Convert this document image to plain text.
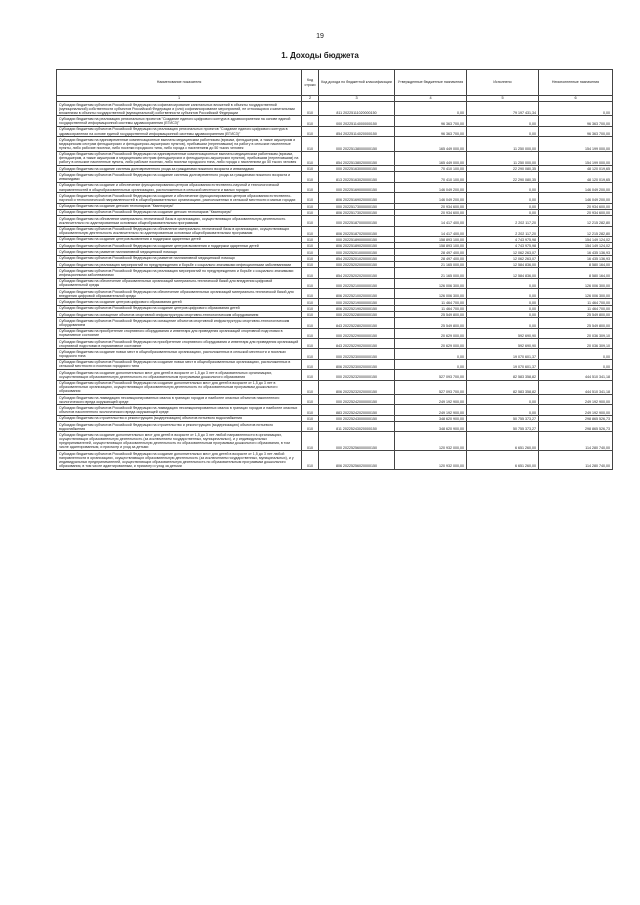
19
1. Доходы бюджета
Наименование показателя	Код строки	Код дохода по бюджетной классификации	Утвержденные бюджетные назначения	Исполнено	Неисполненные назначения
1	2	3	4	5	6
Субсидии бюджетам субъектов Российской Федерации на софинансирование капитальных вложений в объекты государственной (муниципальной) собственности субъектов Российской Федерации и (или) софинансирование мероприятий, не относящихся к капитальным вложениям в объекты государственной (муниципальной) собственности субъектов Российской Федерации	010	811 20225111020000150	0,00	79 197 431,34	0,00
Субсидии бюджетам на реализацию региональных проектов "Создание единого цифрового контура в здравоохранении на основе единой государственной информационной системы здравоохранения (ЕГИСЗ)"	010	000 20225114000000150	96 363 700,00	0,00	96 363 700,00
Субсидии бюджетам субъектов Российской Федерации на реализацию региональных проектов "Создание единого цифрового контура в здравоохранении на основе единой государственной информационной системы здравоохранения (ЕГИСЗ)"	010	854 20225114020000150	96 363 700,00	0,00	96 363 700,00
Субсидии бюджетам на единовременные компенсационные выплаты медицинским работникам (врачам, фельдшерам, а также акушеркам и медицинским сестрам фельдшерских и фельдшерско-акушерских пунктов), прибывшим (переехавшим) на работу в сельские населенные пункты, либо рабочие поселки, либо поселки городского типа, либо города с населением до 50 тысяч человек	010	000 20225138000000150	165 449 000,00	11 250 000,00	154 199 000,00
Субсидии бюджетам субъектов Российской Федерации на единовременные компенсационные выплаты медицинским работникам (врачам, фельдшерам, а также акушеркам и медицинским сестрам фельдшерских и фельдшерско-акушерских пунктов), прибывшим (переехавшим) на работу в сельские населенные пункты, либо рабочие поселки, либо поселки городского типа, либо города с населением до 50 тысяч человек	010	854 20225138020000150	165 449 000,00	11 250 000,00	154 199 000,00
Субсидии бюджетам на создание системы долговременного ухода за гражданами пожилого возраста и инвалидами	010	000 20225163000000150	70 410 100,00	22 290 080,35	48 120 019,65
Субсидии бюджетам субъектов Российской Федерации на создание системы долговременного ухода за гражданами пожилого возраста и инвалидами	010	813 20225163020000150	70 410 100,00	22 290 080,35	48 120 019,65
Субсидии бюджетам на создание и обеспечение функционирования центров образования естественно-научной и технологической направленностей в общеобразовательных организациях, расположенных в сельской местности и малых городах	010	000 20225169000000150	146 049 200,00	0,00	146 049 200,00
Субсидии бюджетам субъектов Российской Федерации на создание и обеспечение функционирования центров образования естественно-научной и технологической направленностей в общеобразовательных организациях, расположенных в сельской местности и малых городах	010	806 20225169020000150	146 049 200,00	0,00	146 049 200,00
Субсидии бюджетам на создание детских технопарков "Кванториум"	010	000 20225173000000150	20 934 600,00	0,00	20 934 600,00
Субсидии бюджетам субъектов Российской Федерации на создание детских технопарков "Кванториум"	010	806 20225173020000150	20 934 600,00	0,00	20 934 600,00
Субсидии бюджетам на обновление материально-технической базы в организациях, осуществляющих образовательную деятельность исключительно по адаптированным основным общеобразовательным программам	010	000 20225187000000150	14 417 400,00	2 202 117,20	12 215 282,80
Субсидии бюджетам субъектов Российской Федерации на обновление материально-технической базы в организациях, осуществляющих образовательную деятельность исключительно по адаптированным основным общеобразовательным программам	010	806 20225187020000150	14 417 400,00	2 202 117,20	12 215 282,80
Субсидии бюджетам на создание центров выявления и поддержки одаренных детей	010	000 20225189000000150	158 893 100,00	4 743 975,98	154 149 124,02
Субсидии бюджетам субъектов Российской Федерации на создание центров выявления и поддержки одаренных детей	010	806 20225189020000150	158 893 100,00	4 743 975,98	154 149 124,02
Субсидии бюджетам на развитие паллиативной медицинской помощи	010	000 20225201000000150	28 497 400,00	12 062 263,07	16 435 136,93
Субсидии бюджетам субъектов Российской Федерации на развитие паллиативной медицинской помощи	010	854 20225201020000150	28 497 400,00	12 062 263,07	16 435 136,93
Субсидии бюджетам на реализацию мероприятий по предупреждению и борьбе с социально значимыми инфекционными заболеваниями	010	000 20225202000000150	21 165 000,00	12 584 836,00	8 580 164,00
Субсидии бюджетам субъектов Российской Федерации на реализацию мероприятий по предупреждению и борьбе с социально значимыми инфекционными заболеваниями	010	854 20225202020000150	21 165 000,00	12 584 836,00	8 580 164,00
Субсидии бюджетам на обеспечение образовательных организаций материально-технической базой для внедрения цифровой образовательной среды	010	000 20225210000000150	126 006 300,00	0,00	126 006 300,00
Субсидии бюджетам субъектов Российской Федерации на обеспечение образовательных организаций материально-технической базой для внедрения цифровой образовательной среды	010	806 20225210020000150	126 006 300,00	0,00	126 006 300,00
Субсидии бюджетам на создание центров цифрового образования детей	010	000 20225219000000150	11 464 700,00	0,00	11 464 700,00
Субсидии бюджетам субъектов Российской Федерации на создание центров цифрового образования детей	010	806 20225219020000150	11 464 700,00	0,00	11 464 700,00
Субсидии бюджетам на оснащение объектов спортивной инфраструктуры спортивно-технологическим оборудованием	010	000 20225228000000150	25 549 800,00	0,00	25 549 800,00
Субсидии бюджетам субъектов Российской Федерации на оснащение объектов спортивной инфраструктуры спортивно-технологическим оборудованием	010	843 20225228020000150	25 549 800,00	0,00	25 549 800,00
Субсидии бюджетам на приобретение спортивного оборудования и инвентаря для приведения организаций спортивной подготовки в нормативное состояние	010	000 20225229000000150	20 629 000,00	592 690,90	20 036 309,10
Субсидии бюджетам субъектов Российской Федерации на приобретение спортивного оборудования и инвентаря для приведения организаций спортивной подготовки в нормативное состояние	010	843 20225229020000150	20 629 000,00	592 690,90	20 036 309,10
Субсидии бюджетам на создание новых мест в общеобразовательных организациях, расположенных в сельской местности и поселках городского типа	010	000 20225230000000150	0,00	19 070 601,37	0,00
Субсидии бюджетам субъектов Российской Федерации на создание новых мест в общеобразовательных организациях, расположенных в сельской местности и поселках городского типа	010	806 20225230020000150	0,00	19 070 601,37	0,00
Субсидии бюджетам на создание дополнительных мест для детей в возрасте от 1,5 до 3 лет в образовательных организациях, осуществляющих образовательную деятельность по образовательным программам дошкольного образования	010	000 20225232000000150	527 093 700,00	82 583 358,82	444 510 341,18
Субсидии бюджетам субъектов Российской Федерации на создание дополнительных мест для детей в возрасте от 1,5 до 3 лет в образовательных организациях, осуществляющих образовательную деятельность по образовательным программам дошкольного образования	010	806 20225232020000150	527 093 700,00	82 583 358,82	444 510 341,18
Субсидии бюджетам на ликвидацию несанкционированных свалок в границах городов и наиболее опасных объектов накопленного экологического вреда окружающей среде	010	000 20225242000000150	249 192 900,00	0,00	249 192 900,00
Субсидии бюджетам субъектов Российской Федерации на ликвидацию несанкционированных свалок в границах городов и наиболее опасных объектов накопленного экологического вреда окружающей среде	010	883 20225242020000150	249 192 900,00	0,00	249 192 900,00
Субсидии бюджетам на строительство и реконструкцию (модернизацию) объектов питьевого водоснабжения	010	000 20225243000000150	348 620 900,00	50 755 373,27	298 865 526,73
Субсидии бюджетам субъектов Российской Федерации на строительство и реконструкцию (модернизацию) объектов питьевого водоснабжения	010	811 20225243020000150	348 620 900,00	50 755 373,27	298 865 526,73
Субсидии бюджетам на создание дополнительных мест для детей в возрасте от 1,5 до 3 лет любой направленности в организациях, осуществляющих образовательную деятельность (за исключением государственных, муниципальных), и у индивидуальных предпринимателей, осуществляющих образовательную деятельность по образовательным программам дошкольного образования, в том числе адаптированным, и присмотр и уход за детьми	010	000 20225256000000150	120 932 000,00	6 651 260,00	114 280 740,00
Субсидии бюджетам субъектов Российской Федерации на создание дополнительных мест для детей в возрасте от 1,5 до 3 лет любой направленности в организациях, осуществляющих образовательную деятельность (за исключением государственных, муниципальных), и у индивидуальных предпринимателей, осуществляющих образовательную деятельность по образовательным программам дошкольного образования, в том числе адаптированным, и присмотр и уход за детьми	010	806 20225256020000150	120 932 000,00	6 651 260,00	114 280 740,00
